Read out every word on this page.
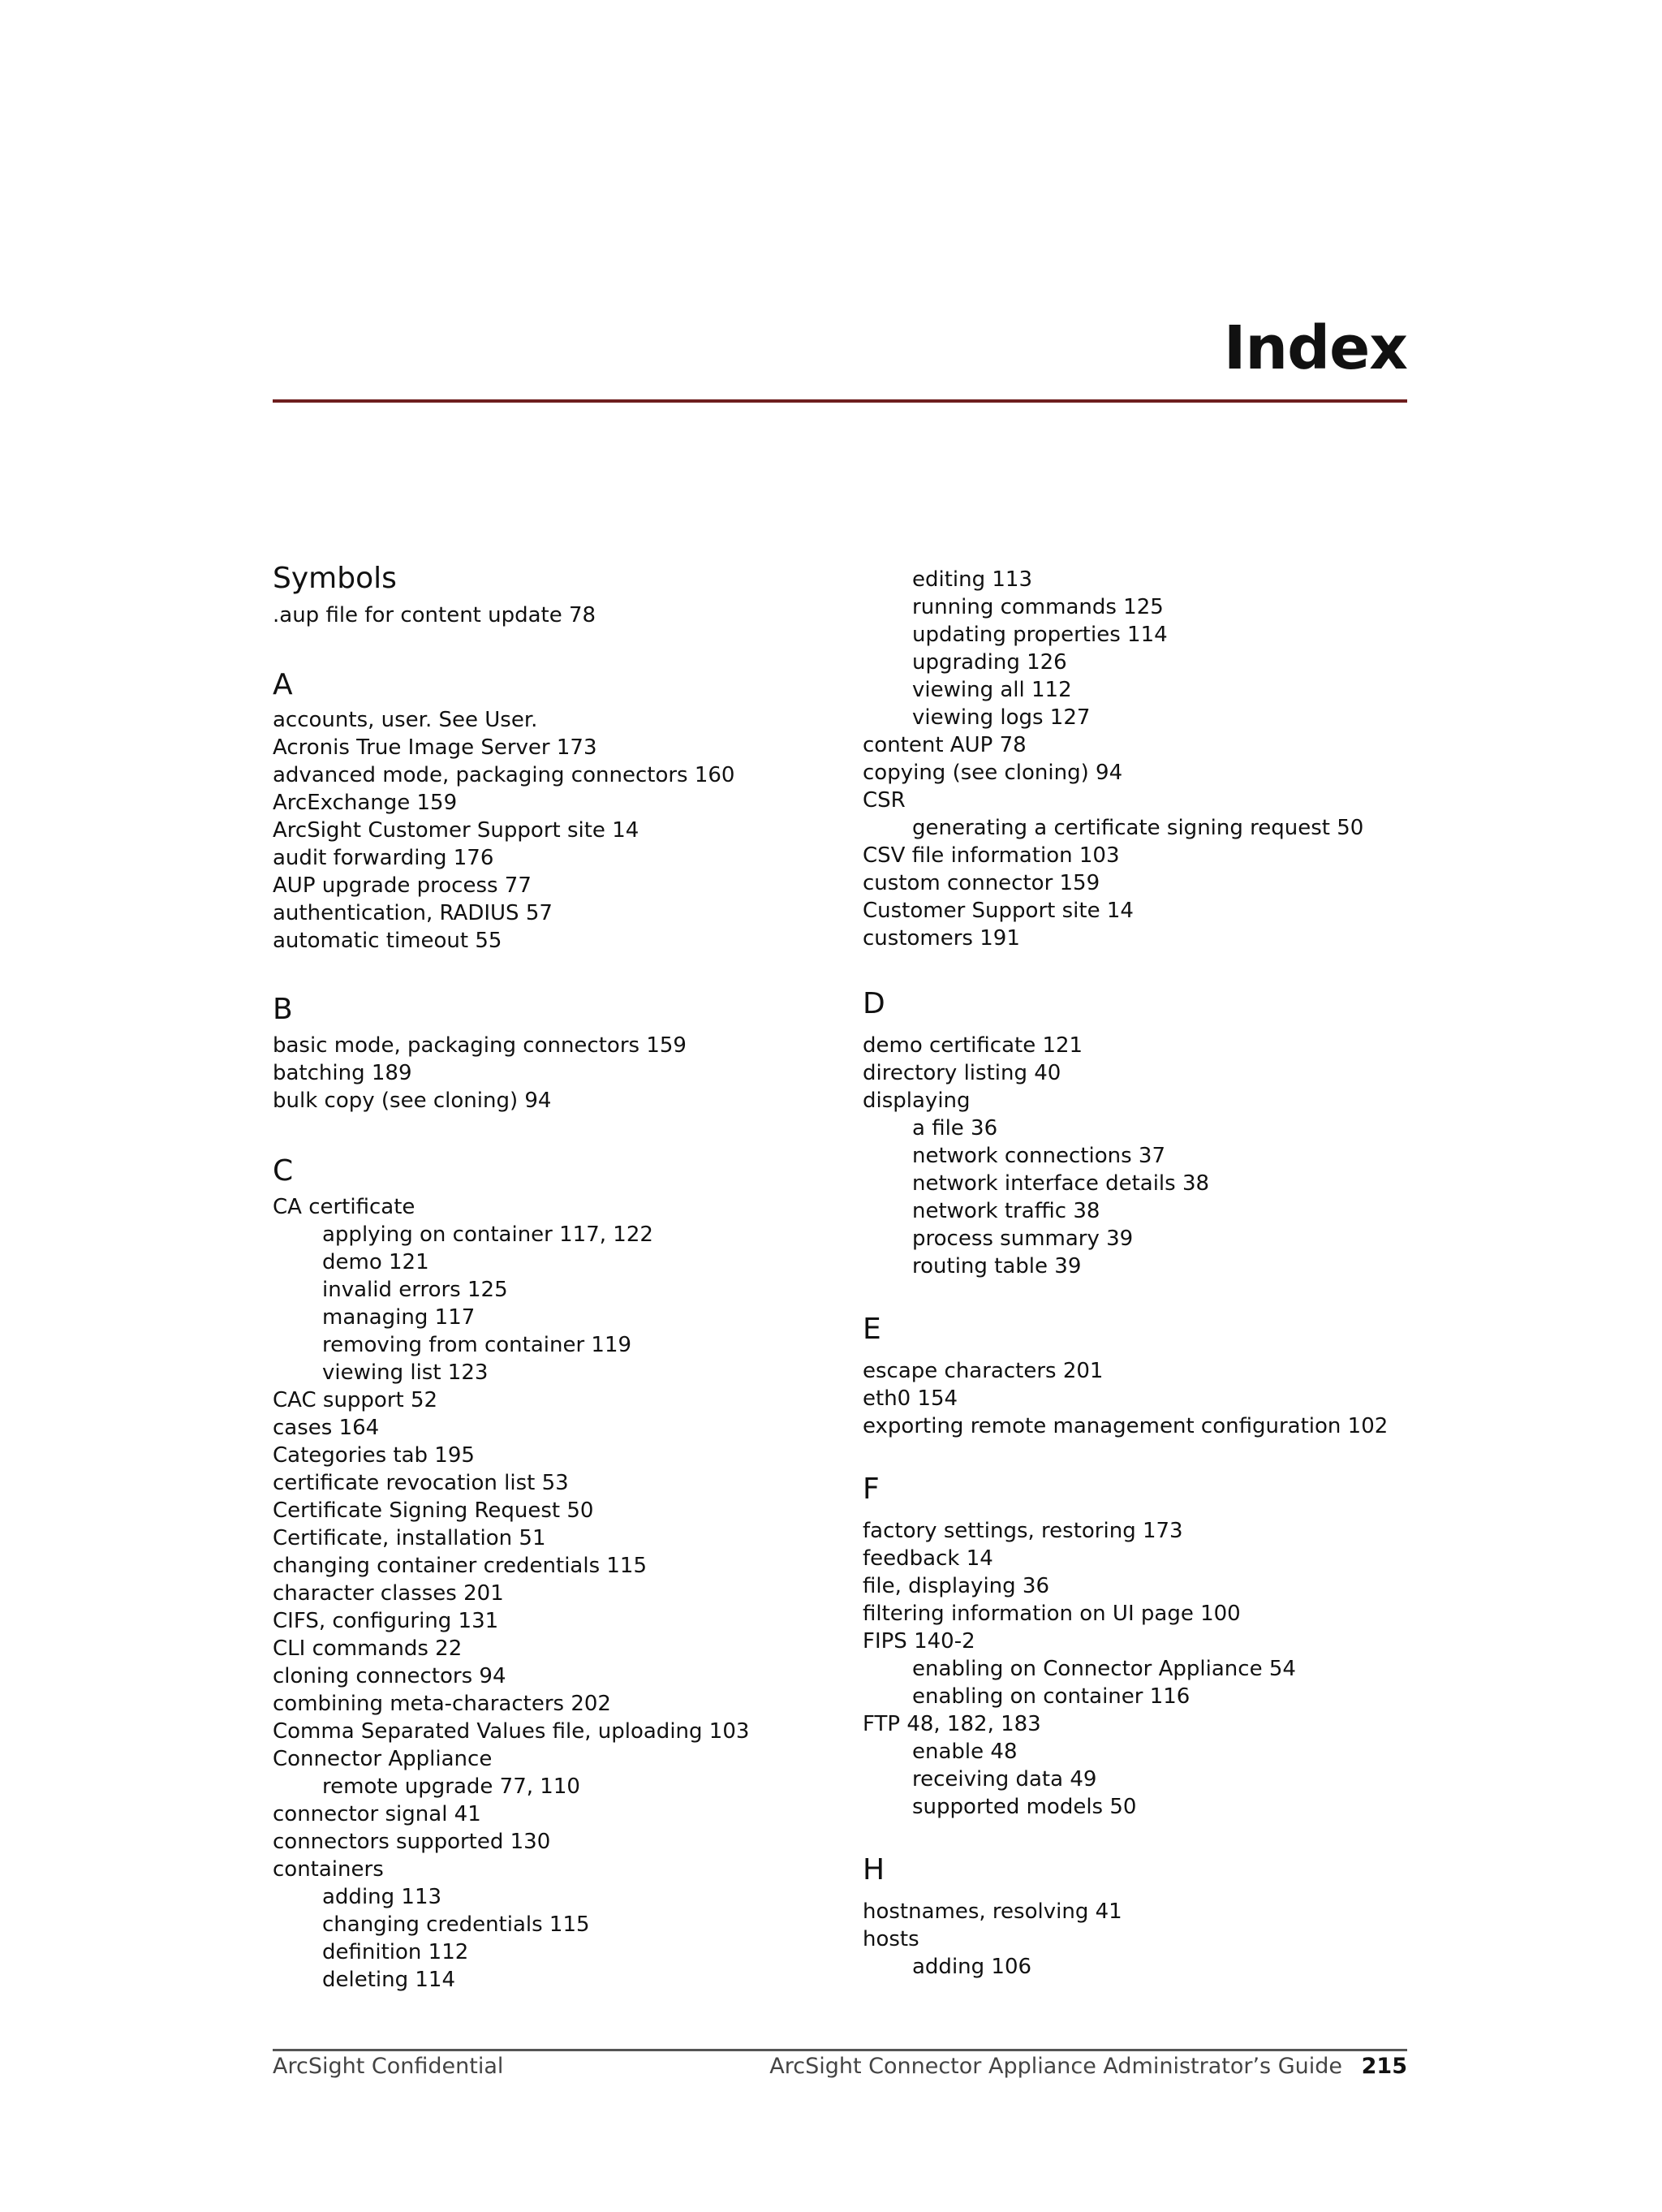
Index
Symbols
.aup file for content update 78
A
accounts, user. See User.
Acronis True Image Server 173
advanced mode, packaging connectors 160
ArcExchange 159
ArcSight Customer Support site 14
audit forwarding 176
AUP upgrade process 77
authentication, RADIUS 57
automatic timeout 55
B
basic mode, packaging connectors 159
batching 189
bulk copy (see cloning) 94
C
CA certificate
applying on container 117, 122
demo 121
invalid errors 125
managing 117
removing from container 119
viewing list 123
CAC support 52
cases 164
Categories tab 195
certificate revocation list 53
Certificate Signing Request 50
Certificate, installation 51
changing container credentials 115
character classes 201
CIFS, configuring 131
CLI commands 22
cloning connectors 94
combining meta-characters 202
Comma Separated Values file, uploading 103
Connector Appliance
remote upgrade 77, 110
connector signal 41
connectors supported 130
containers
adding 113
changing credentials 115
definition 112
deleting 114
editing 113
running commands 125
updating properties 114
upgrading 126
viewing all 112
viewing logs 127
content AUP 78
copying (see cloning) 94
CSR
generating a certificate signing request 50
CSV file information 103
custom connector 159
Customer Support site 14
customers 191
D
demo certificate 121
directory listing 40
displaying
a file 36
network connections 37
network interface details 38
network traffic 38
process summary 39
routing table 39
E
escape characters 201
eth0 154
exporting remote management configuration 102
F
factory settings, restoring 173
feedback 14
file, displaying 36
filtering information on UI page 100
FIPS 140-2
enabling on Connector Appliance 54
enabling on container 116
FTP 48, 182, 183
enable 48
receiving data 49
supported models 50
H
hostnames, resolving 41
hosts
adding 106
ArcSight Confidential	ArcSight Connector Appliance Administrator’s Guide 215
